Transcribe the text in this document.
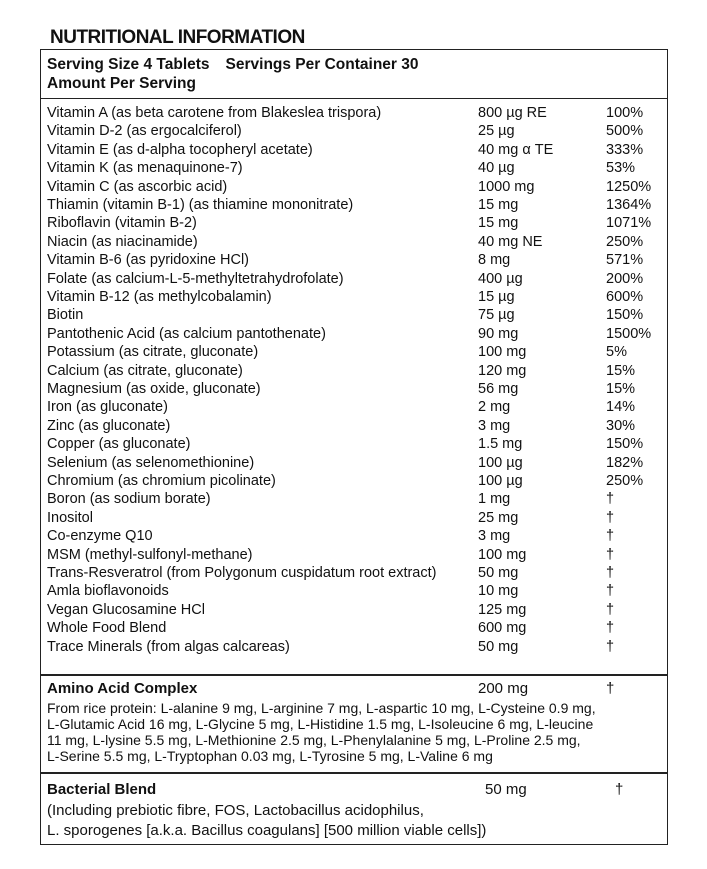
NUTRITIONAL INFORMATION
Serving Size 4 Tablets Servings Per Container 30
Amount Per Serving
Vitamin A (as beta carotene from Blakeslea trispora)	800 µg RE	100%
Vitamin D-2 (as ergocalciferol)	25 µg	500%
Vitamin E (as d-alpha tocopheryl acetate)	40 mg α TE	333%
Vitamin K (as menaquinone-7)	40 µg	53%
Vitamin C (as ascorbic acid)	1000 mg	1250%
Thiamin (vitamin B-1) (as thiamine mononitrate)	15 mg	1364%
Riboflavin (vitamin B-2)	15 mg	1071%
Niacin (as niacinamide)	40 mg NE	250%
Vitamin B-6 (as pyridoxine HCl)	8 mg	571%
Folate (as calcium-L-5-methyltetrahydrofolate)	400 µg	200%
Vitamin B-12 (as methylcobalamin)	15 µg	600%
Biotin	75 µg	150%
Pantothenic Acid (as calcium pantothenate)	90 mg	1500%
Potassium (as citrate, gluconate)	100 mg	5%
Calcium (as citrate, gluconate)	120 mg	15%
Magnesium (as oxide, gluconate)	56 mg	15%
Iron (as gluconate)	2 mg	14%
Zinc (as gluconate)	3 mg	30%
Copper (as gluconate)	1.5 mg	150%
Selenium (as selenomethionine)	100 µg	182%
Chromium (as chromium picolinate)	100 µg	250%
Boron (as sodium borate)	1 mg	†
Inositol	25 mg	†
Co-enzyme Q10	3 mg	†
MSM (methyl-sulfonyl-methane)	100 mg	†
Trans-Resveratrol (from Polygonum cuspidatum root extract)	50 mg	†
Amla bioflavonoids	10 mg	†
Vegan Glucosamine HCl	125 mg	†
Whole Food Blend	600 mg	†
Trace Minerals (from algas calcareas)	50 mg	†
Amino Acid Complex	200 mg	†
From rice protein: L-alanine 9 mg, L-arginine 7 mg, L-aspartic 10 mg, L-Cysteine 0.9 mg,
L-Glutamic Acid 16 mg, L-Glycine 5 mg, L-Histidine 1.5 mg, L-Isoleucine 6 mg, L-leucine
11 mg, L-lysine 5.5 mg, L-Methionine 2.5 mg, L-Phenylalanine 5 mg, L-Proline 2.5 mg,
L-Serine 5.5 mg, L-Tryptophan 0.03 mg, L-Tyrosine 5 mg, L-Valine 6 mg
Bacterial Blend	50 mg	†
(Including prebiotic fibre, FOS, Lactobacillus acidophilus,
L. sporogenes [a.k.a. Bacillus coagulans] [500 million viable cells])
